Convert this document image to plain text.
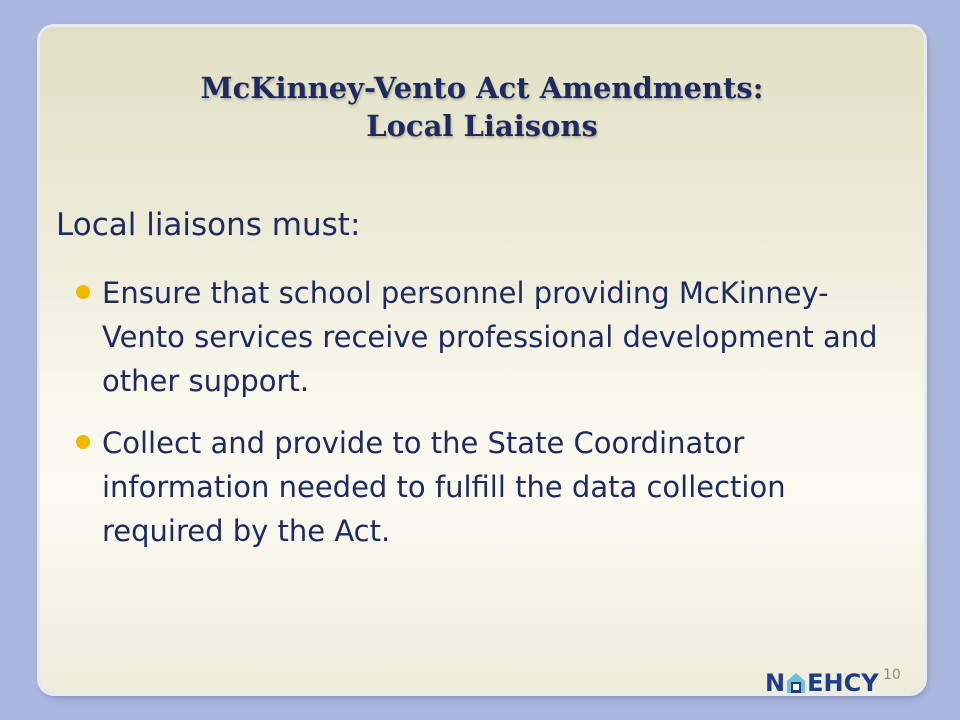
McKinney-Vento Act Amendments:
Local Liaisons

Local liaisons must:

Ensure that school personnel providing McKinney-Vento services receive professional development and other support.
Collect and provide to the State Coordinator information needed to fulfill the data collection required by the Act.
N EHCY 10
